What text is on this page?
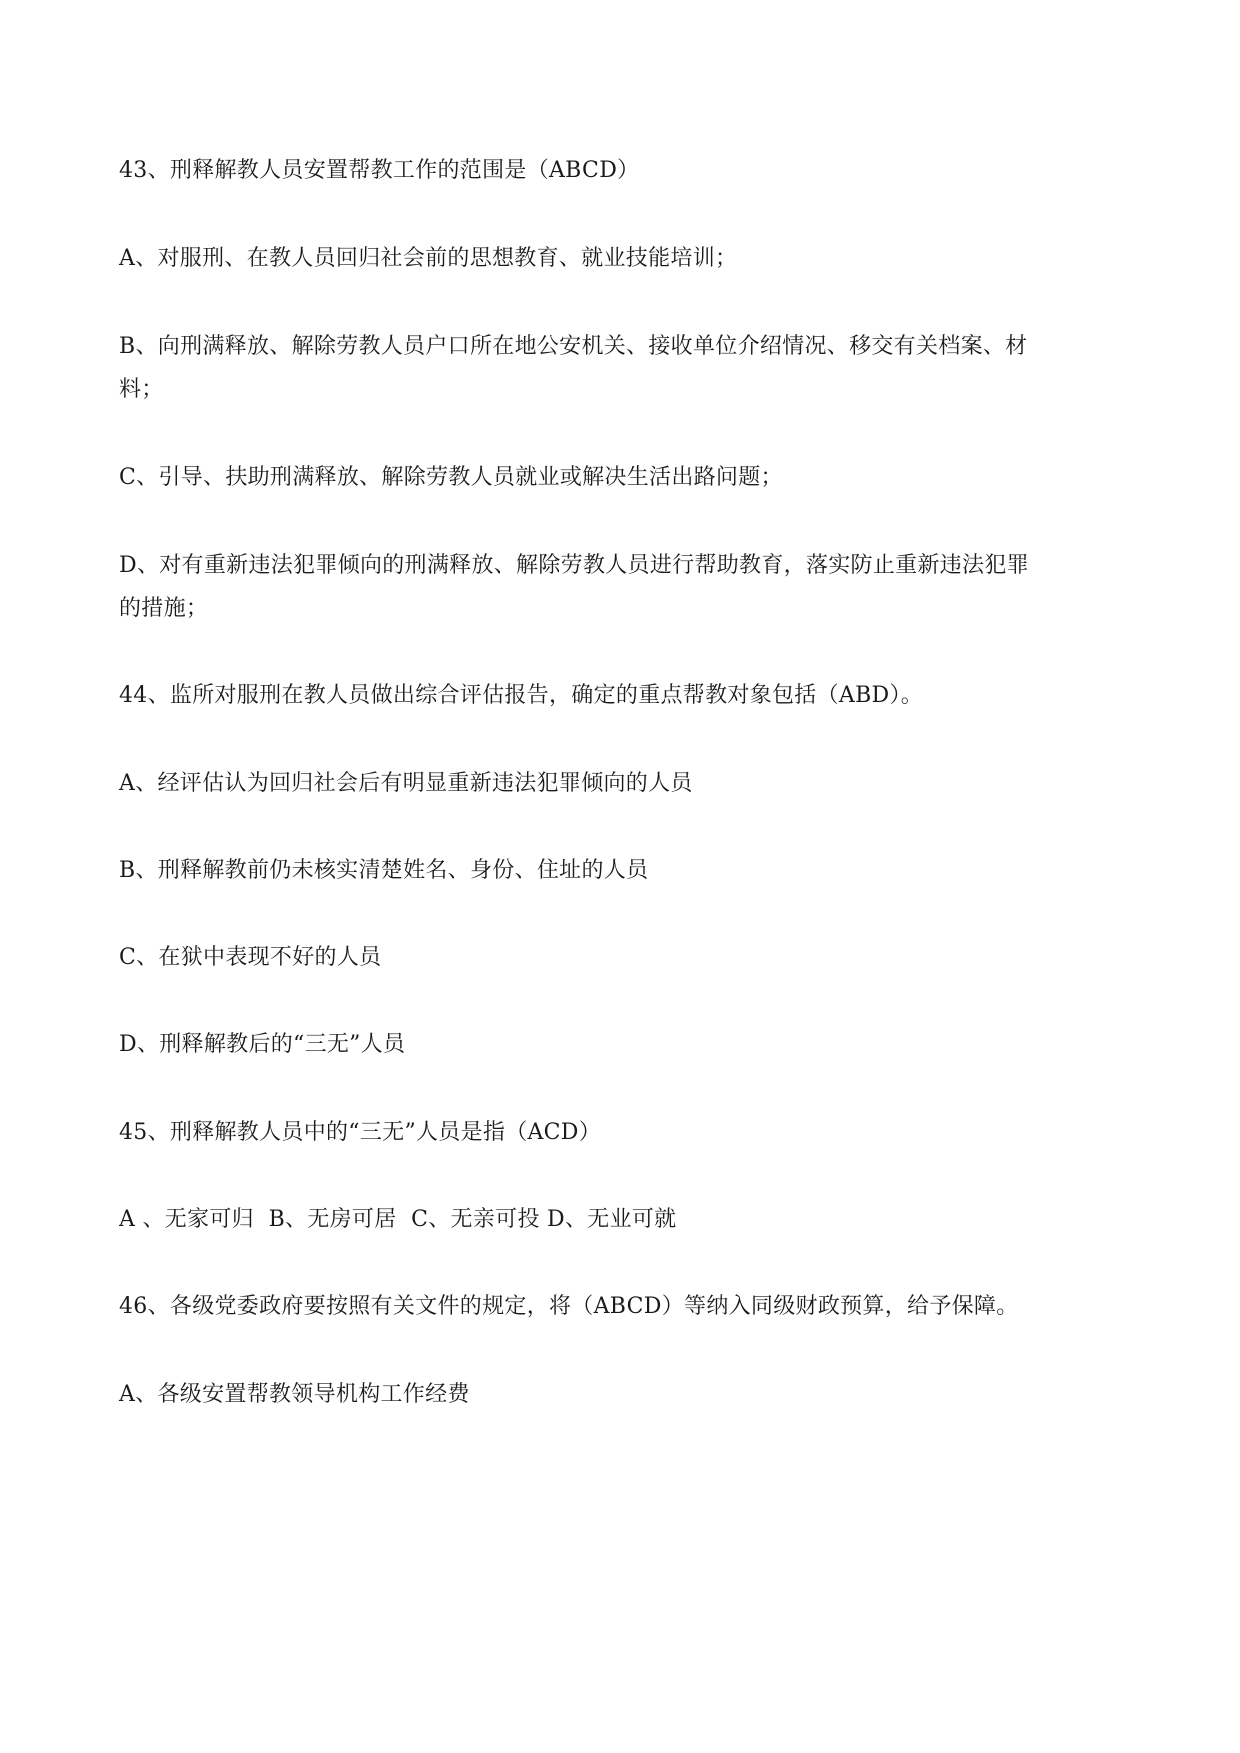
43、刑释解教人员安置帮教工作的范围是（ABCD）
A、对服刑、在教人员回归社会前的思想教育、就业技能培训；
B、向刑满释放、解除劳教人员户口所在地公安机关、接收单位介绍情况、移交有关档案、材
料；
C、引导、扶助刑满释放、解除劳教人员就业或解决生活出路问题；
D、对有重新违法犯罪倾向的刑满释放、解除劳教人员进行帮助教育，落实防止重新违法犯罪
的措施；
44、监所对服刑在教人员做出综合评估报告，确定的重点帮教对象包括（ABD）。
A、经评估认为回归社会后有明显重新违法犯罪倾向的人员
B、刑释解教前仍未核实清楚姓名、身份、住址的人员
C、在狱中表现不好的人员
D、刑释解教后的“三无”人员
45、刑释解教人员中的“三无”人员是指（ACD）
A 、无家可归  B、无房可居  C、无亲可投 D、无业可就
46、各级党委政府要按照有关文件的规定，将（ABCD）等纳入同级财政预算，给予保障。
A、各级安置帮教领导机构工作经费
